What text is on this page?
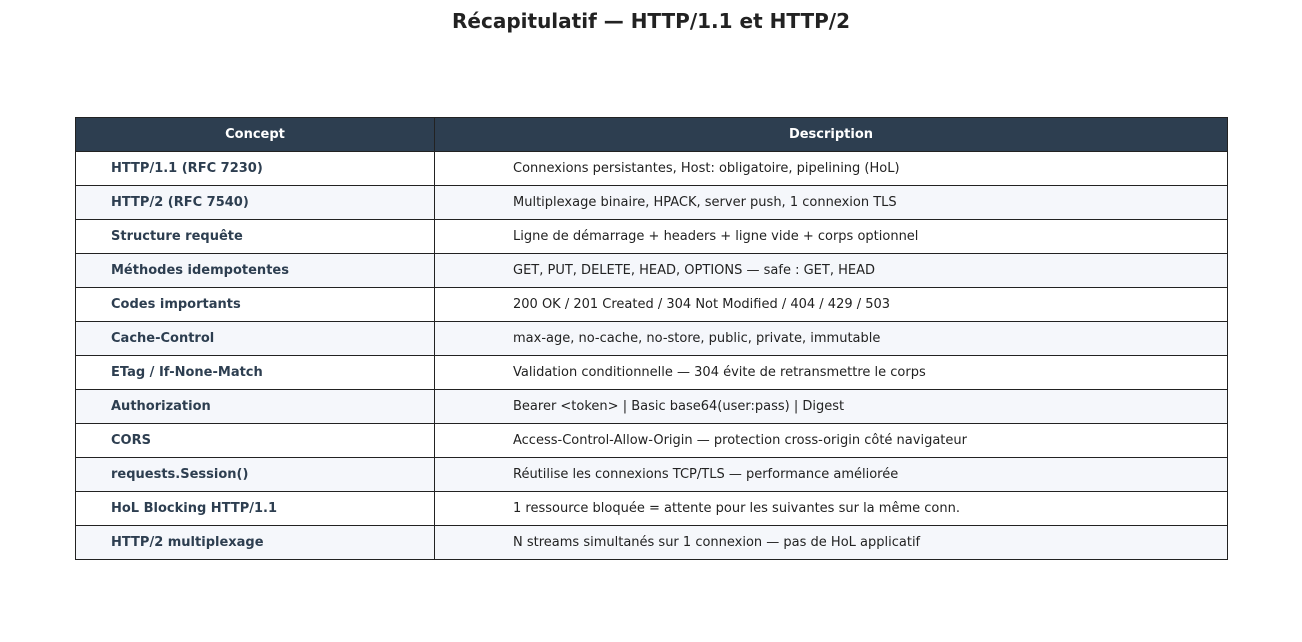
Récapitulatif — HTTP/1.1 et HTTP/2
Concept	Description
HTTP/1.1 (RFC 7230)	Connexions persistantes, Host: obligatoire, pipelining (HoL)
HTTP/2 (RFC 7540)	Multiplexage binaire, HPACK, server push, 1 connexion TLS
Structure requête	Ligne de démarrage + headers + ligne vide + corps optionnel
Méthodes idempotentes	GET, PUT, DELETE, HEAD, OPTIONS — safe : GET, HEAD
Codes importants	200 OK / 201 Created / 304 Not Modified / 404 / 429 / 503
Cache-Control	max-age, no-cache, no-store, public, private, immutable
ETag / If-None-Match	Validation conditionnelle — 304 évite de retransmettre le corps
Authorization	Bearer <token> | Basic base64(user:pass) | Digest
CORS	Access-Control-Allow-Origin — protection cross-origin côté navigateur
requests.Session()	Réutilise les connexions TCP/TLS — performance améliorée
HoL Blocking HTTP/1.1	1 ressource bloquée = attente pour les suivantes sur la même conn.
HTTP/2 multiplexage	N streams simultanés sur 1 connexion — pas de HoL applicatif
